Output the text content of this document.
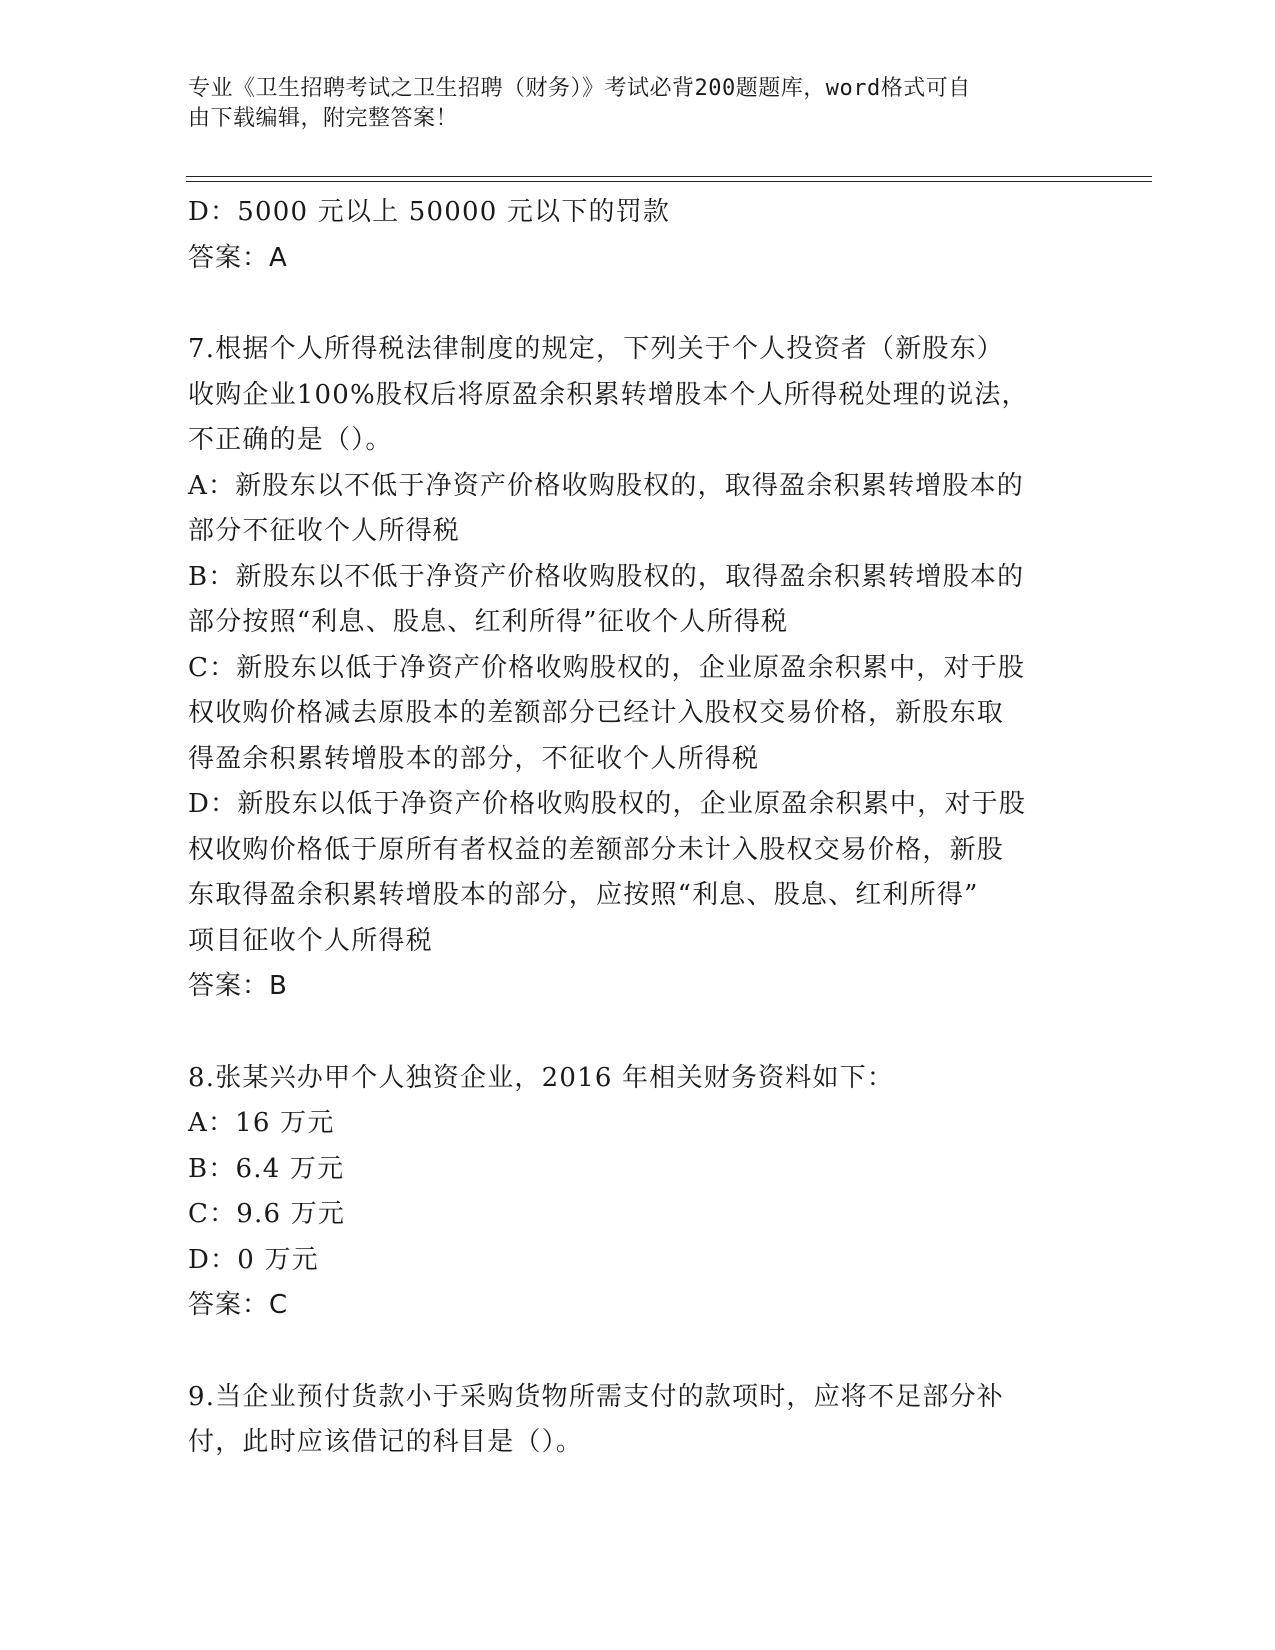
专业《卫生招聘考试之卫生招聘（财务）》考试必背200题题库，word格式可自
由下载编辑，附完整答案！
D：5000 元以上 50000 元以下的罚款
答案：A
7.根据个人所得税法律制度的规定，下列关于个人投资者（新股东）
收购企业100%股权后将原盈余积累转增股本个人所得税处理的说法，
不正确的是（）。
A：新股东以不低于净资产价格收购股权的，取得盈余积累转增股本的
部分不征收个人所得税
B：新股东以不低于净资产价格收购股权的，取得盈余积累转增股本的
部分按照“利息、股息、红利所得”征收个人所得税
C：新股东以低于净资产价格收购股权的，企业原盈余积累中，对于股
权收购价格减去原股本的差额部分已经计入股权交易价格，新股东取
得盈余积累转增股本的部分，不征收个人所得税
D：新股东以低于净资产价格收购股权的，企业原盈余积累中，对于股
权收购价格低于原所有者权益的差额部分未计入股权交易价格，新股
东取得盈余积累转增股本的部分，应按照“利息、股息、红利所得”
项目征收个人所得税
答案：B
8.张某兴办甲个人独资企业，2016 年相关财务资料如下：
A：16 万元
B：6.4 万元
C：9.6 万元
D：0 万元
答案：C
9.当企业预付货款小于采购货物所需支付的款项时，应将不足部分补
付，此时应该借记的科目是（）。
